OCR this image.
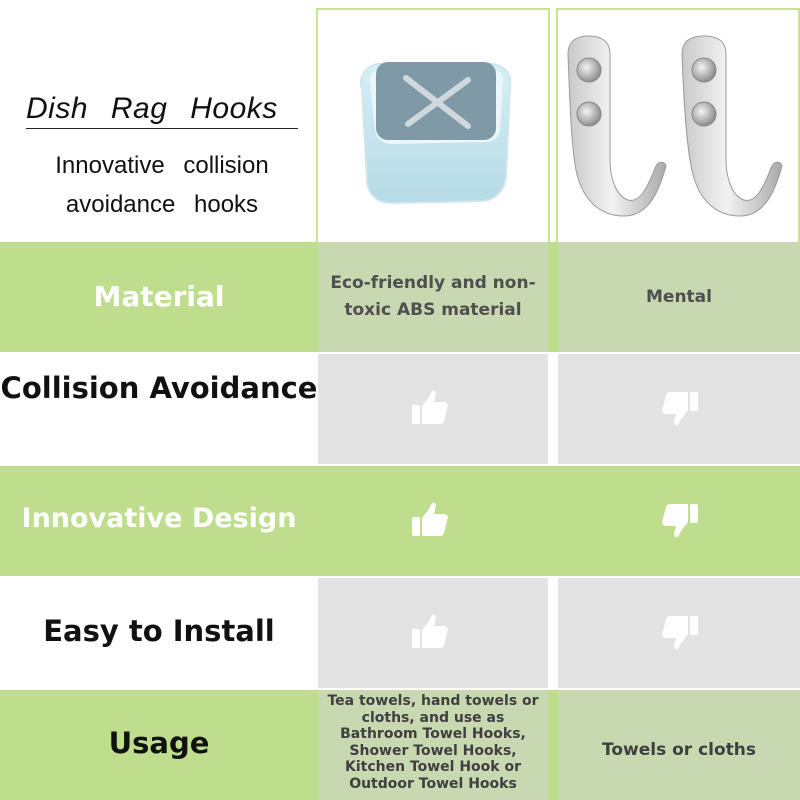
Dish Rag Hooks
Innovative collision avoidance hooks
Material	Eco-friendly and non-toxic ABS material
Mental
Collision Avoidance
Innovative Design
Easy to Install
Usage
Tea towels, hand towels or cloths, and use as Bathroom Towel Hooks, Shower Towel Hooks, Kitchen Towel Hook or Outdoor Towel Hooks
Towels or cloths
